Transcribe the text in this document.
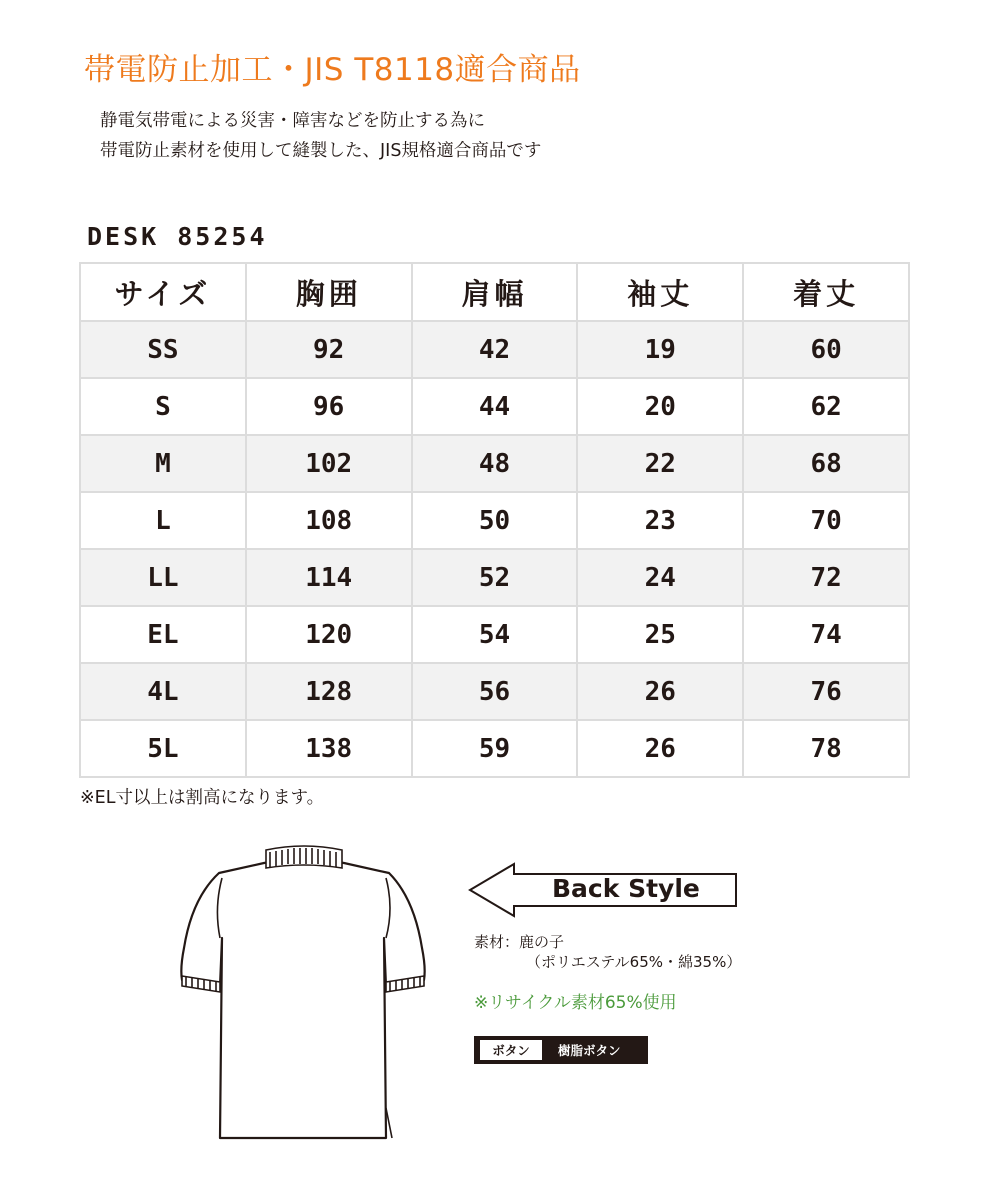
帯電防止加工・JIS T8118適合商品
静電気帯電による災害・障害などを防止する為に
帯電防止素材を使用して縫製した、JIS規格適合商品です
DESK 85254
サイズ	胸囲	肩幅	袖丈	着丈
SS	92	42	19	60
S	96	44	20	62
M	102	48	22	68
L	108	50	23	70
LL	114	52	24	72
EL	120	54	25	74
4L	128	56	26	76
5L	138	59	26	78
※EL寸以上は割高になります。
Back Style
素材：鹿の子
（ポリエステル65%・綿35%）
※リサイクル素材65%使用
ボタン	樹脂ボタン
